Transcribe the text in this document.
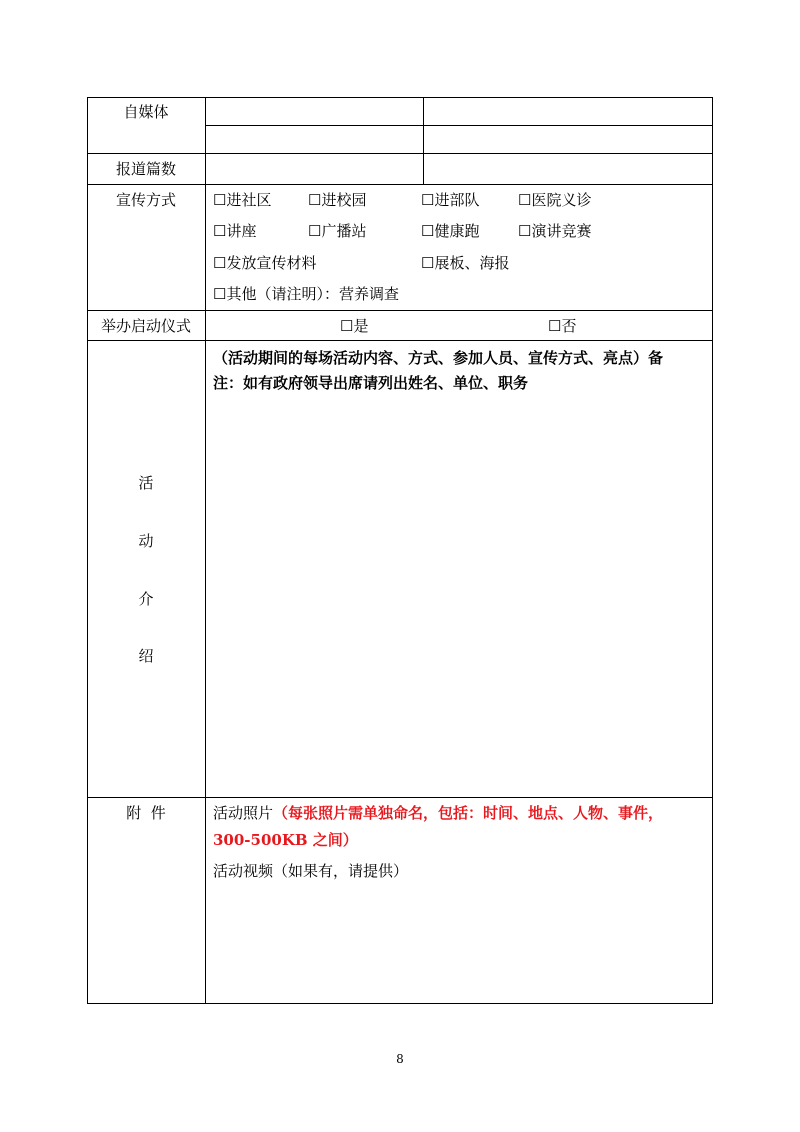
自媒体
报道篇数
宣传方式	☐进社区 ☐进校园	☐进部队	☐医院义诊
☐讲座	☐广播站	☐健康跑	☐演讲竞赛
☐发放宣传材料	☐展板、海报
☐其他（请注明）：营养调查
举办启动仪式	☐是	☐否
活
动
介
绍
（活动期间的每场活动内容、方式、参加人员、宣传方式、亮点）备
注：如有政府领导出席请列出姓名、单位、职务
附  件	活动照片（每张照片需单独命名，包括：时间、地点、人物、事件，
300-500KB 之间）
活动视频（如果有，请提供）
8
